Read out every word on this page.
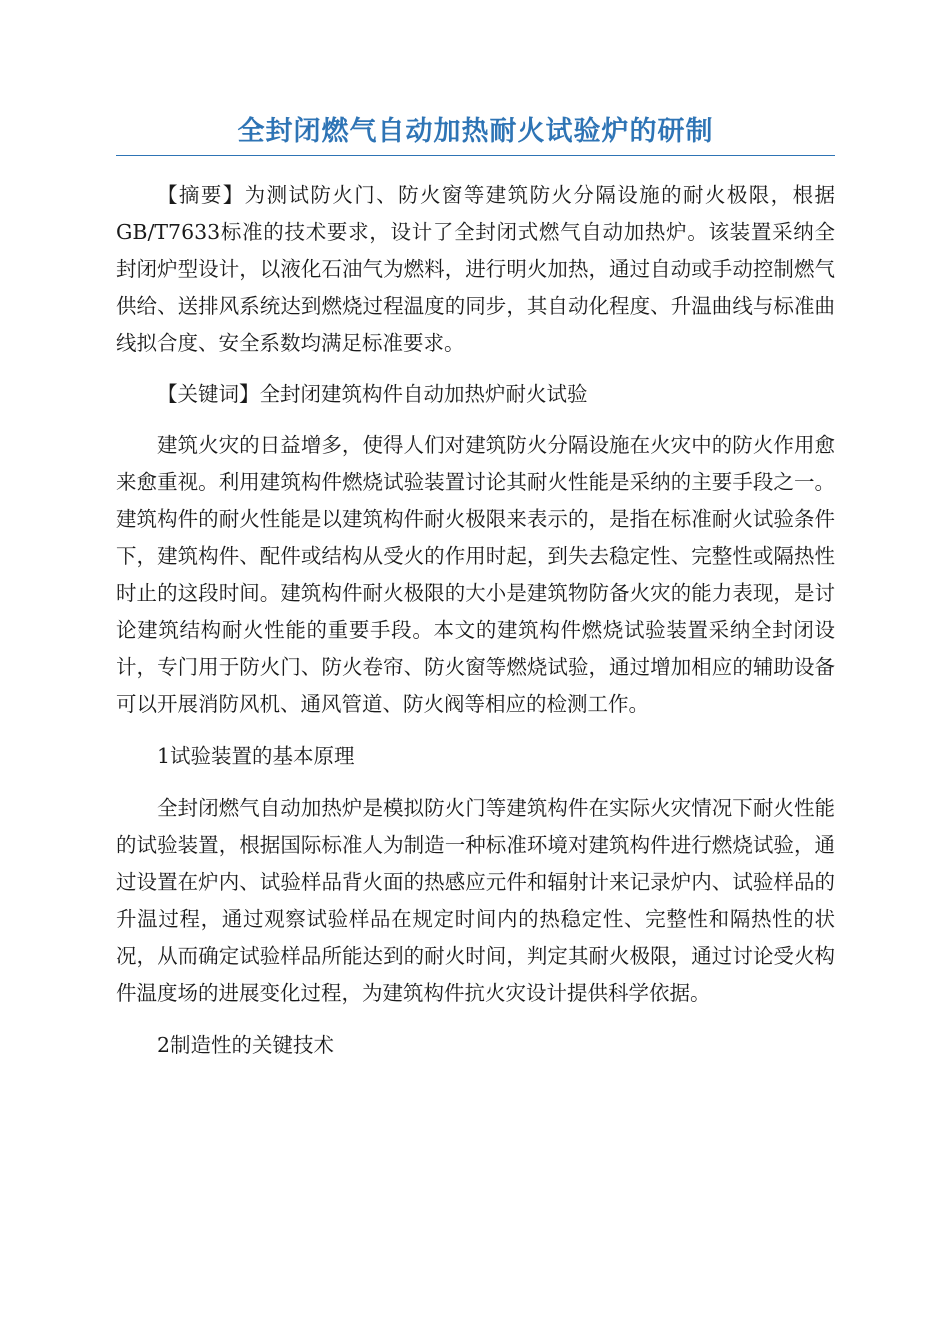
全封闭燃气自动加热耐火试验炉的研制

【摘要】为测试防火门、防火窗等建筑防火分隔设施的耐火极限，根据GB/T7633标准的技术要求，设计了全封闭式燃气自动加热炉。该装置采纳全封闭炉型设计，以液化石油气为燃料，进行明火加热，通过自动或手动控制燃气供给、送排风系统达到燃烧过程温度的同步，其自动化程度、升温曲线与标准曲线拟合度、安全系数均满足标准要求。

【关键词】全封闭建筑构件自动加热炉耐火试验

建筑火灾的日益增多，使得人们对建筑防火分隔设施在火灾中的防火作用愈来愈重视。利用建筑构件燃烧试验装置讨论其耐火性能是采纳的主要手段之一。建筑构件的耐火性能是以建筑构件耐火极限来表示的，是指在标准耐火试验条件下，建筑构件、配件或结构从受火的作用时起，到失去稳定性、完整性或隔热性时止的这段时间。建筑构件耐火极限的大小是建筑物防备火灾的能力表现，是讨论建筑结构耐火性能的重要手段。本文的建筑构件燃烧试验装置采纳全封闭设计，专门用于防火门、防火卷帘、防火窗等燃烧试验，通过增加相应的辅助设备可以开展消防风机、通风管道、防火阀等相应的检测工作。

1试验装置的基本原理

全封闭燃气自动加热炉是模拟防火门等建筑构件在实际火灾情况下耐火性能的试验装置，根据国际标准人为制造一种标准环境对建筑构件进行燃烧试验，通过设置在炉内、试验样品背火面的热感应元件和辐射计来记录炉内、试验样品的升温过程，通过观察试验样品在规定时间内的热稳定性、完整性和隔热性的状况，从而确定试验样品所能达到的耐火时间，判定其耐火极限，通过讨论受火构件温度场的进展变化过程，为建筑构件抗火灾设计提供科学依据。

2制造性的关键技术
